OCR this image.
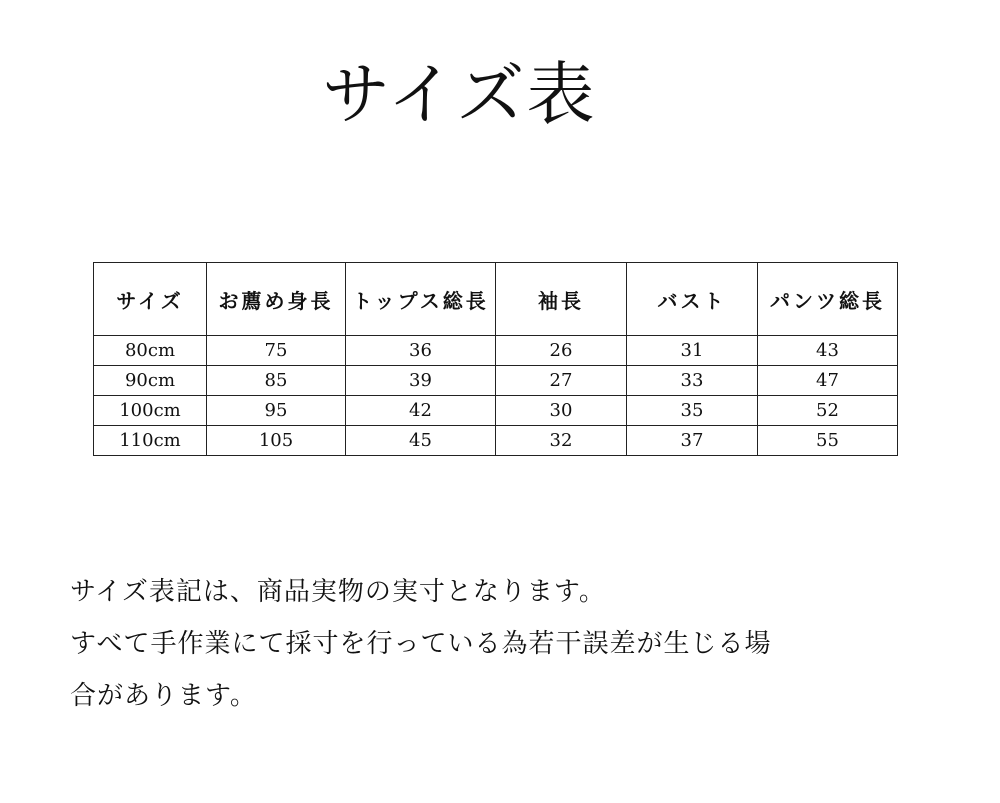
サイズ表
サイズ	お薦め身長	トップス総長	袖長	バスト	パンツ総長
80cm	75	36	26	31	43
90cm	85	39	27	33	47
100cm	95	42	30	35	52
110cm	105	45	32	37	55

サイズ表記は、商品実物の実寸となります。

すべて手作業にて採寸を行っている為若干誤差が生じる場

合があります。
